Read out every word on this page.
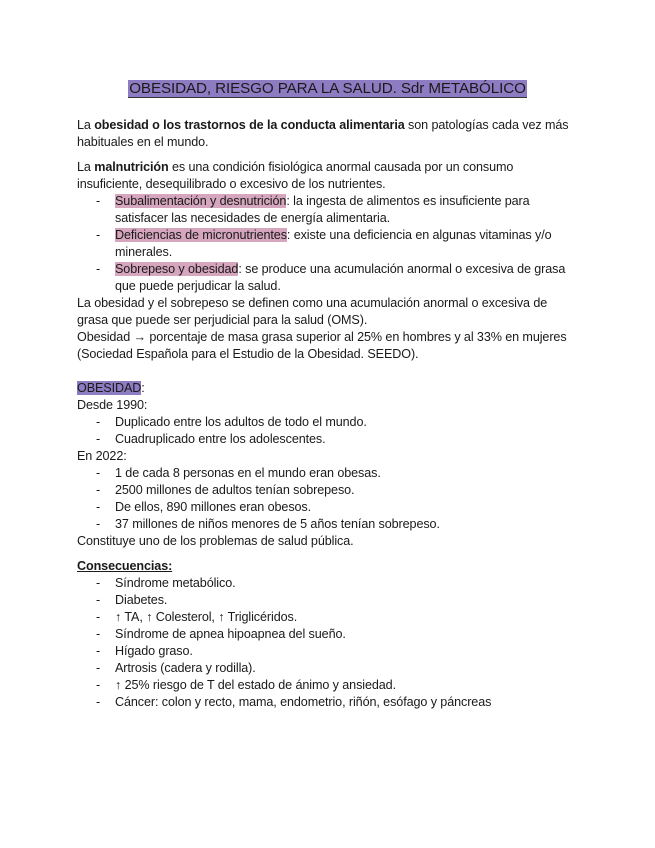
OBESIDAD, RIESGO PARA LA SALUD. Sdr METABÓLICO

La obesidad o los trastornos de la conducta alimentaria son patologías cada vez más habituales en el mundo.

La malnutrición es una condición fisiológica anormal causada por un consumo insuficiente, desequilibrado o excesivo de los nutrientes.

- Subalimentación y desnutrición: la ingesta de alimentos es insuficiente para satisfacer las necesidades de energía alimentaria.
- Deficiencias de micronutrientes: existe una deficiencia en algunas vitaminas y/o minerales.
- Sobrepeso y obesidad: se produce una acumulación anormal o excesiva de grasa que puede perjudicar la salud.

La obesidad y el sobrepeso se definen como una acumulación anormal o excesiva de grasa que puede ser perjudicial para la salud (OMS).

Obesidad → porcentaje de masa grasa superior al 25% en hombres y al 33% en mujeres (Sociedad Española para el Estudio de la Obesidad. SEEDO).

OBESIDAD:

Desde 1990:

- Duplicado entre los adultos de todo el mundo.
- Cuadruplicado entre los adolescentes.

En 2022:

- 1 de cada 8 personas en el mundo eran obesas.
- 2500 millones de adultos tenían sobrepeso.
- De ellos, 890 millones eran obesos.
- 37 millones de niños menores de 5 años tenían sobrepeso.

Constituye uno de los problemas de salud pública.

Consecuencias:

- Síndrome metabólico.
- Diabetes.
- ↑ TA, ↑ Colesterol, ↑ Triglicéridos.
- Síndrome de apnea hipoapnea del sueño.
- Hígado graso.
- Artrosis (cadera y rodilla).
- ↑ 25% riesgo de T del estado de ánimo y ansiedad.
- Cáncer: colon y recto, mama, endometrio, riñón, esófago y páncreas
